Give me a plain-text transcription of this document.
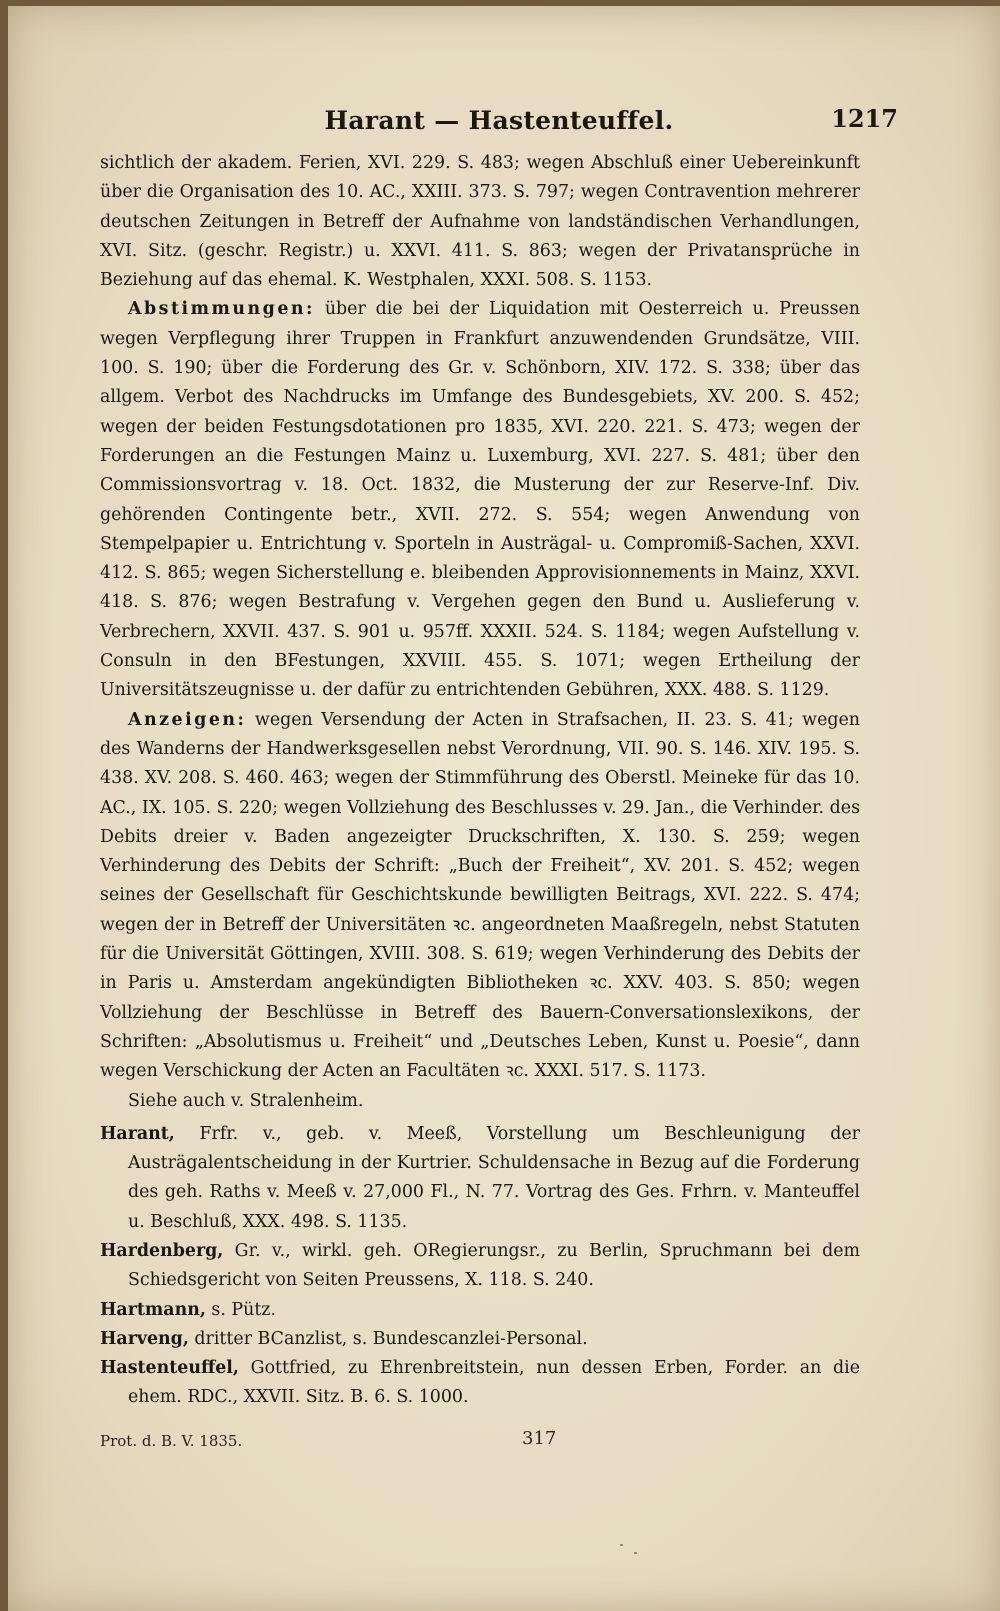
Harant — Hastenteuffel.	1217

sichtlich der akadem. Ferien, XVI. 229. S. 483; wegen Abschluß einer Uebereinkunft über die Organisation des 10. AC., XXIII. 373. S. 797; wegen Contravention mehrerer deutschen Zeitungen in Betreff der Aufnahme von landständischen Verhandlungen, XVI. Sitz. (geschr. Registr.) u. XXVI. 411. S. 863; wegen der Privatansprüche in Beziehung auf das ehemal. K. Westphalen, XXXI. 508. S. 1153.

Abstimmungen: über die bei der Liquidation mit Oesterreich u. Preussen wegen Verpflegung ihrer Truppen in Frankfurt anzuwendenden Grundsätze, VIII. 100. S. 190; über die Forderung des Gr. v. Schönborn, XIV. 172. S. 338; über das allgem. Verbot des Nachdrucks im Umfange des Bundesgebiets, XV. 200. S. 452; wegen der beiden Festungsdotationen pro 1835, XVI. 220. 221. S. 473; wegen der Forderungen an die Festungen Mainz u. Luxemburg, XVI. 227. S. 481; über den Commissionsvortrag v. 18. Oct. 1832, die Musterung der zur Reserve-Inf. Div. gehörenden Contingente betr., XVII. 272. S. 554; wegen Anwendung von Stempelpapier u. Entrichtung v. Sporteln in Austrägal- u. Compromiß-Sachen, XXVI. 412. S. 865; wegen Sicherstellung e. bleibenden Approvisionnements in Mainz, XXVI. 418. S. 876; wegen Bestrafung v. Vergehen gegen den Bund u. Auslieferung v. Verbrechern, XXVII. 437. S. 901 u. 957ff. XXXII. 524. S. 1184; wegen Aufstellung v. Consuln in den BFestungen, XXVIII. 455. S. 1071; wegen Ertheilung der Universitätszeugnisse u. der dafür zu entrichtenden Gebühren, XXX. 488. S. 1129.

Anzeigen: wegen Versendung der Acten in Strafsachen, II. 23. S. 41; wegen des Wanderns der Handwerksgesellen nebst Verordnung, VII. 90. S. 146. XIV. 195. S. 438. XV. 208. S. 460. 463; wegen der Stimmführung des Oberstl. Meineke für das 10. AC., IX. 105. S. 220; wegen Vollziehung des Beschlusses v. 29. Jan., die Verhinder. des Debits dreier v. Baden angezeigter Druckschriften, X. 130. S. 259; wegen Verhinderung des Debits der Schrift: „Buch der Freiheit“, XV. 201. S. 452; wegen seines der Gesellschaft für Geschichtskunde bewilligten Beitrags, XVI. 222. S. 474; wegen der in Betreff der Universitäten ꝛc. angeordneten Maaßregeln, nebst Statuten für die Universität Göttingen, XVIII. 308. S. 619; wegen Verhinderung des Debits der in Paris u. Amsterdam angekündigten Bibliotheken ꝛc. XXV. 403. S. 850; wegen Vollziehung der Beschlüsse in Betreff des Bauern-Conversationslexikons, der Schriften: „Absolutismus u. Freiheit“ und „Deutsches Leben, Kunst u. Poesie“, dann wegen Verschickung der Acten an Facultäten ꝛc. XXXI. 517. S. 1173.

Siehe auch v. Stralenheim.

Harant, Frfr. v., geb. v. Meeß, Vorstellung um Beschleunigung der Austrägalentscheidung in der Kurtrier. Schuldensache in Bezug auf die Forderung des geh. Raths v. Meeß v. 27,000 Fl., N. 77. Vortrag des Ges. Frhrn. v. Manteuffel u. Beschluß, XXX. 498. S. 1135.

Hardenberg, Gr. v., wirkl. geh. ORegierungsr., zu Berlin, Spruchmann bei dem Schiedsgericht von Seiten Preussens, X. 118. S. 240.

Hartmann, s. Pütz.

Harveng, dritter BCanzlist, s. Bundescanzlei-Personal.

Hastenteuffel, Gottfried, zu Ehrenbreitstein, nun dessen Erben, Forder. an die ehem. RDC., XXVII. Sitz. B. 6. S. 1000.

Prot. d. B. V. 1835.	317
